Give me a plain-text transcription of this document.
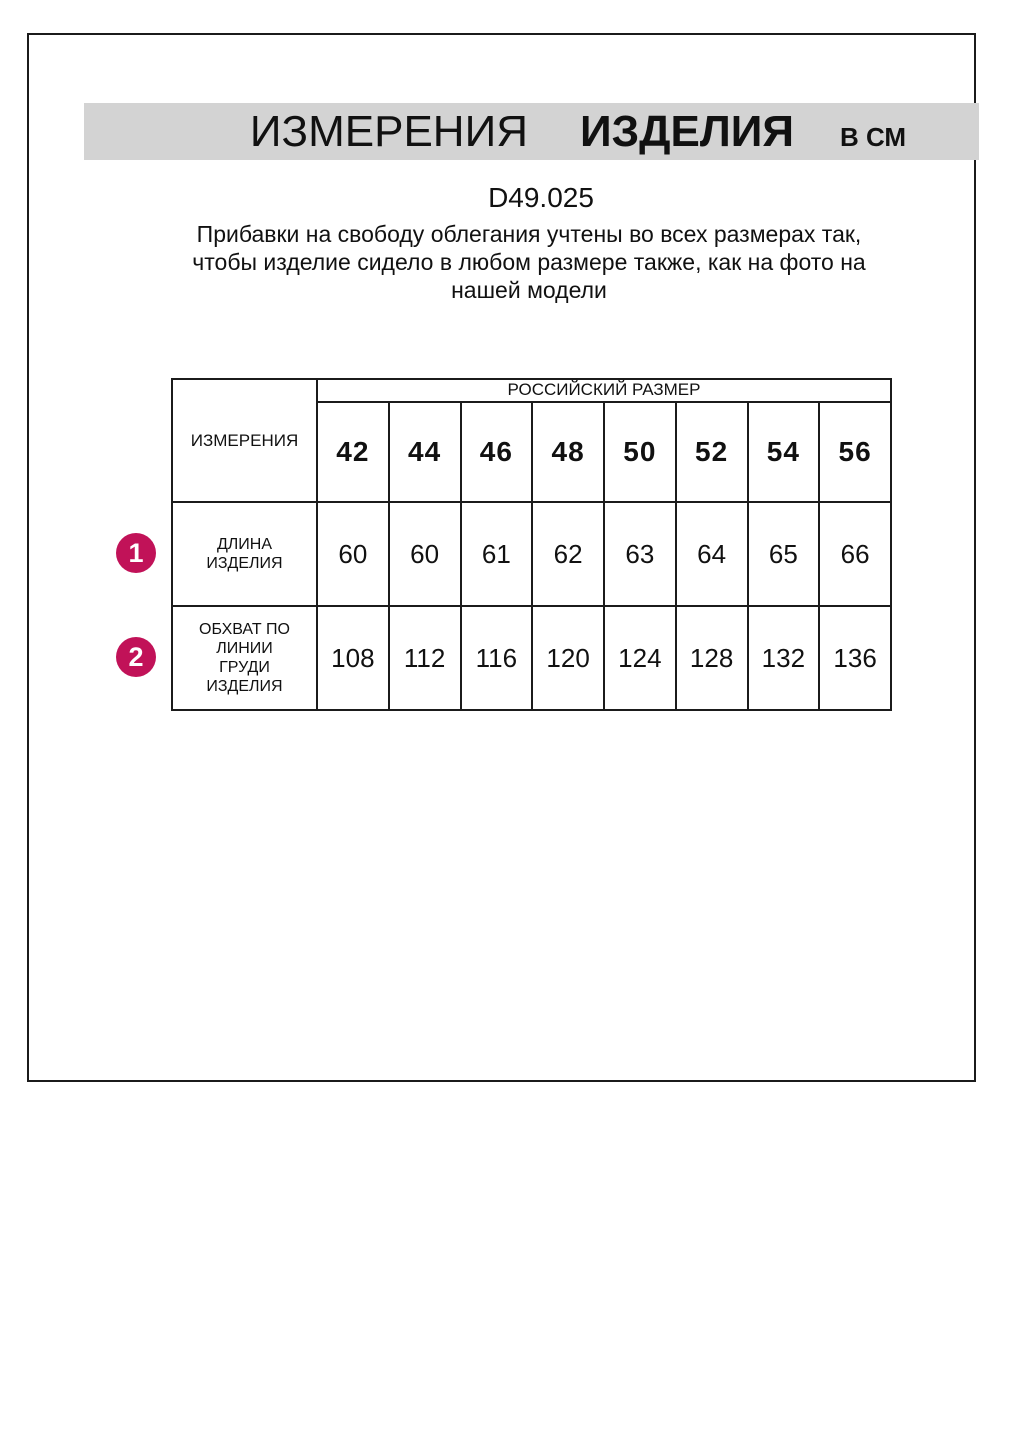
ИЗМЕРЕНИЯ ИЗДЕЛИЯ В СМ
D49.025

Прибавки на свободу облегания учтены во всех размерах так, чтобы изделие сидело в любом размере также, как на фото на нашей модели

ИЗМЕРЕНИЯ	РОССИЙСКИЙ РАЗМЕР							
	42	44	46	48	50	52	54	56
ДЛИНА ИЗДЕЛИЯ	60	60	61	62	63	64	65	66
ОБХВАТ ПО ЛИНИИ ГРУДИ ИЗДЕЛИЯ	108	112	116	120	124	128	132	136
1
2
